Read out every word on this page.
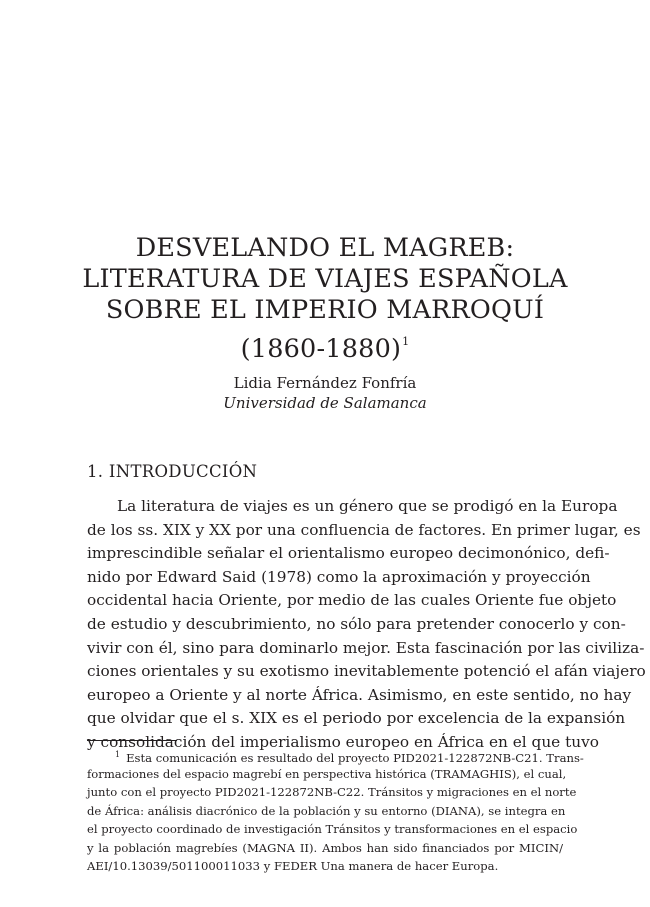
DESVELANDO EL MAGREB:
LITERATURA DE VIAJES ESPAÑOLA
SOBRE EL IMPERIO MARROQUÍ
(1860-1880)$^1$
Lidia Fernández Fonfría
Universidad de Salamanca
1. INTRODUCCIÓN
La literatura de viajes es un género que se prodigó en la Europa
de los ss. XIX y XX por una confluencia de factores. En primer lugar, es
imprescindible señalar el orientalismo europeo decimonónico, defi-
nido por Edward Said (1978) como la aproximación y proyección
occidental hacia Oriente, por medio de las cuales Oriente fue objeto
de estudio y descubrimiento, no sólo para pretender conocerlo y con-
vivir con él, sino para dominarlo mejor. Esta fascinación por las civiliza-
ciones orientales y su exotismo inevitablemente potenció el afán viajero
europeo a Oriente y al norte África. Asimismo, en este sentido, no hay
que olvidar que el s. XIX es el periodo por excelencia de la expansión
y consolidación del imperialismo europeo en África en el que tuvo
$^1$ Esta comunicación es resultado del proyecto PID2021-122872NB-C21. Trans-
formaciones del espacio magrebí en perspectiva histórica (TRAMAGHIS), el cual,
junto con el proyecto PID2021-122872NB-C22. Tránsitos y migraciones en el norte
de África: análisis diacrónico de la población y su entorno (DIANA), se integra en
el proyecto coordinado de investigación Tránsitos y transformaciones en el espacio
y la población magrebíes (MAGNA II). Ambos han sido financiados por MICIN/
AEI/10.13039/501100011033 y FEDER Una manera de hacer Europa.
